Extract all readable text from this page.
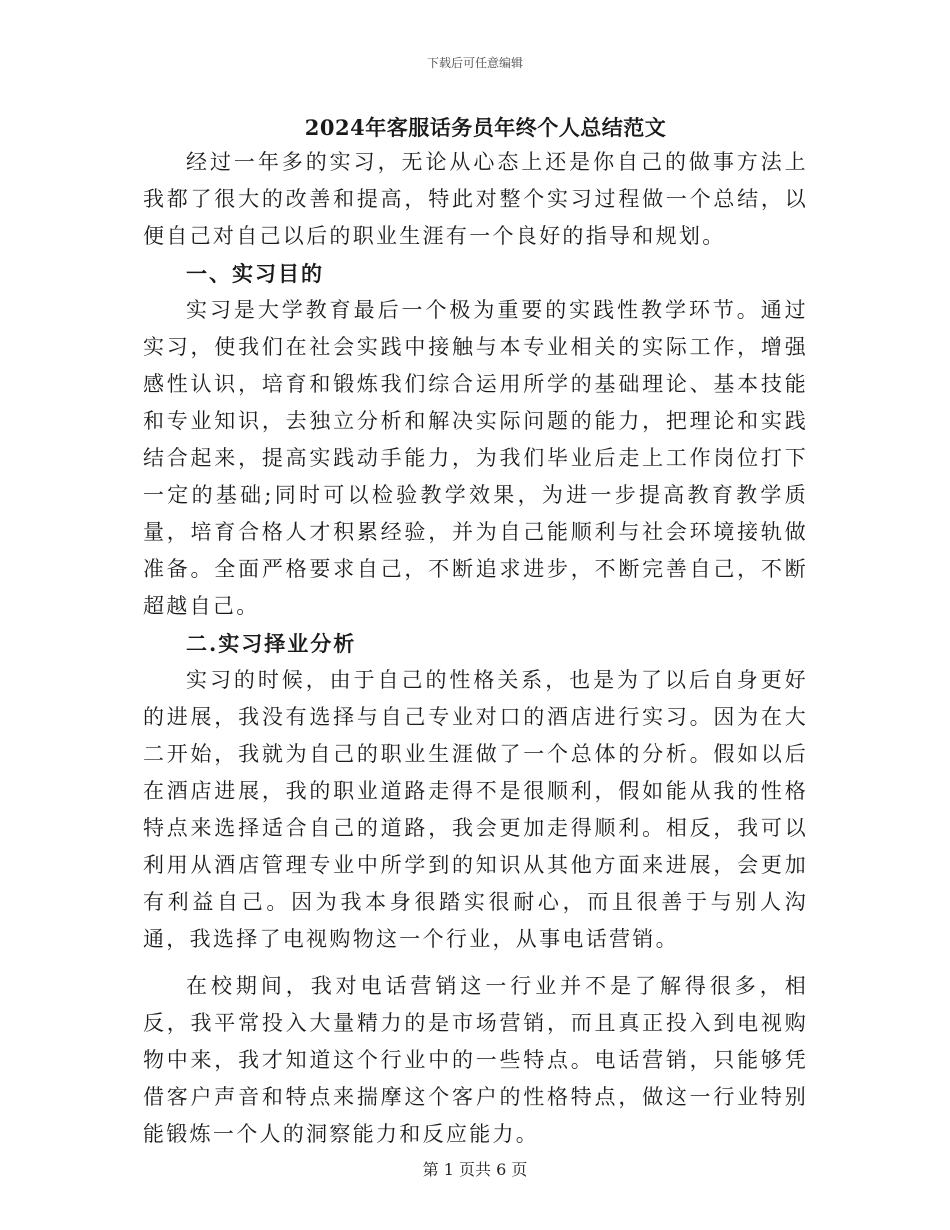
下载后可任意编辑
2024年客服话务员年终个人总结范文

经过一年多的实习，无论从心态上还是你自己的做事方法上我都了很大的改善和提高，特此对整个实习过程做一个总结，以便自己对自己以后的职业生涯有一个良好的指导和规划。

一、实习目的

实习是大学教育最后一个极为重要的实践性教学环节。通过实习，使我们在社会实践中接触与本专业相关的实际工作，增强感性认识，培育和锻炼我们综合运用所学的基础理论、基本技能和专业知识，去独立分析和解决实际问题的能力，把理论和实践结合起来，提高实践动手能力，为我们毕业后走上工作岗位打下一定的基础;同时可以检验教学效果，为进一步提高教育教学质量，培育合格人才积累经验，并为自己能顺利与社会环境接轨做准备。全面严格要求自己，不断追求进步，不断完善自己，不断超越自己。

二.实习择业分析

实习的时候，由于自己的性格关系，也是为了以后自身更好的进展，我没有选择与自己专业对口的酒店进行实习。因为在大二开始，我就为自己的职业生涯做了一个总体的分析。假如以后在酒店进展，我的职业道路走得不是很顺利，假如能从我的性格特点来选择适合自己的道路，我会更加走得顺利。相反，我可以利用从酒店管理专业中所学到的知识从其他方面来进展，会更加有利益自己。因为我本身很踏实很耐心，而且很善于与别人沟通，我选择了电视购物这一个行业，从事电话营销。

在校期间，我对电话营销这一行业并不是了解得很多，相反，我平常投入大量精力的是市场营销，而且真正投入到电视购物中来，我才知道这个行业中的一些特点。电话营销，只能够凭借客户声音和特点来揣摩这个客户的性格特点，做这一行业特别能锻炼一个人的洞察能力和反应能力。

第 1 页共 6 页
